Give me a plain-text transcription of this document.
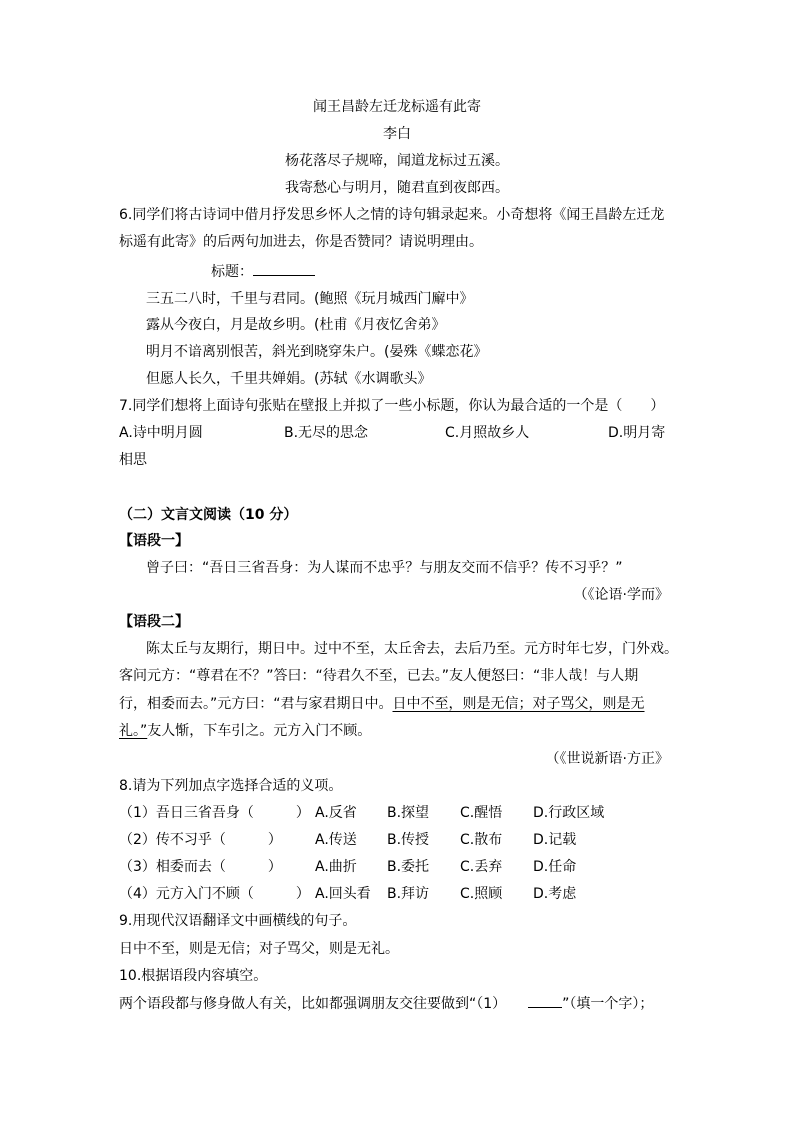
闻王昌龄左迁龙标遥有此寄
李白
杨花落尽子规啼，闻道龙标过五溪。
我寄愁心与明月，随君直到夜郎西。
6.同学们将古诗词中借月抒发思乡怀人之情的诗句辑录起来。小奇想将《闻王昌龄左迁龙
标遥有此寄》的后两句加进去，你是否赞同？请说明理由。
标题：
三五二八时，千里与君同。(鲍照《玩月城西门廨中》
露从今夜白，月是故乡明。(杜甫《月夜忆舍弟》
明月不谙离别恨苦，斜光到晓穿朱户。(晏殊《蝶恋花》
但愿人长久，千里共婵娟。(苏轼《水调歌头》
7.同学们想将上面诗句张贴在壁报上并拟了一些小标题，你认为最合适的一个是（　　）
A.诗中明月圆	B.无尽的思念	C.月照故乡人	D.明月寄
相思
（二）文言文阅读（10 分）
【语段一】
曾子曰：“吾日三省吾身：为人谋而不忠乎？与朋友交而不信乎？传不习乎？”
（《论语·学而》
【语段二】
陈太丘与友期行，期日中。过中不至，太丘舍去，去后乃至。元方时年七岁，门外戏。
客问元方：“尊君在不？”答曰：“待君久不至，已去。”友人便怒曰：“非人哉！与人期
行，相委而去。”元方曰：“君与家君期日中。日中不至，则是无信；对子骂父，则是无
礼。”友人惭，下车引之。元方入门不顾。
（《世说新语·方正》
8.请为下列加点字选择合适的义项。
（1）吾日三省吾身（　　　） A.反省 B.探望 C.醒悟 D.行政区域
（2）传不习乎（　　　） A.传送 B.传授 C.散布 D.记载
（3）相委而去（　　　） A.曲折 B.委托 C.丢弃 D.任命
（4）元方入门不顾（　　　） A.回头看 B.拜访 C.照顾 D.考虑
9.用现代汉语翻译文中画横线的句子。
日中不至，则是无信；对子骂父，则是无礼。
10.根据语段内容填空。
两个语段都与修身做人有关，比如都强调朋友交往要做到“（1）	”（填一个字）；
